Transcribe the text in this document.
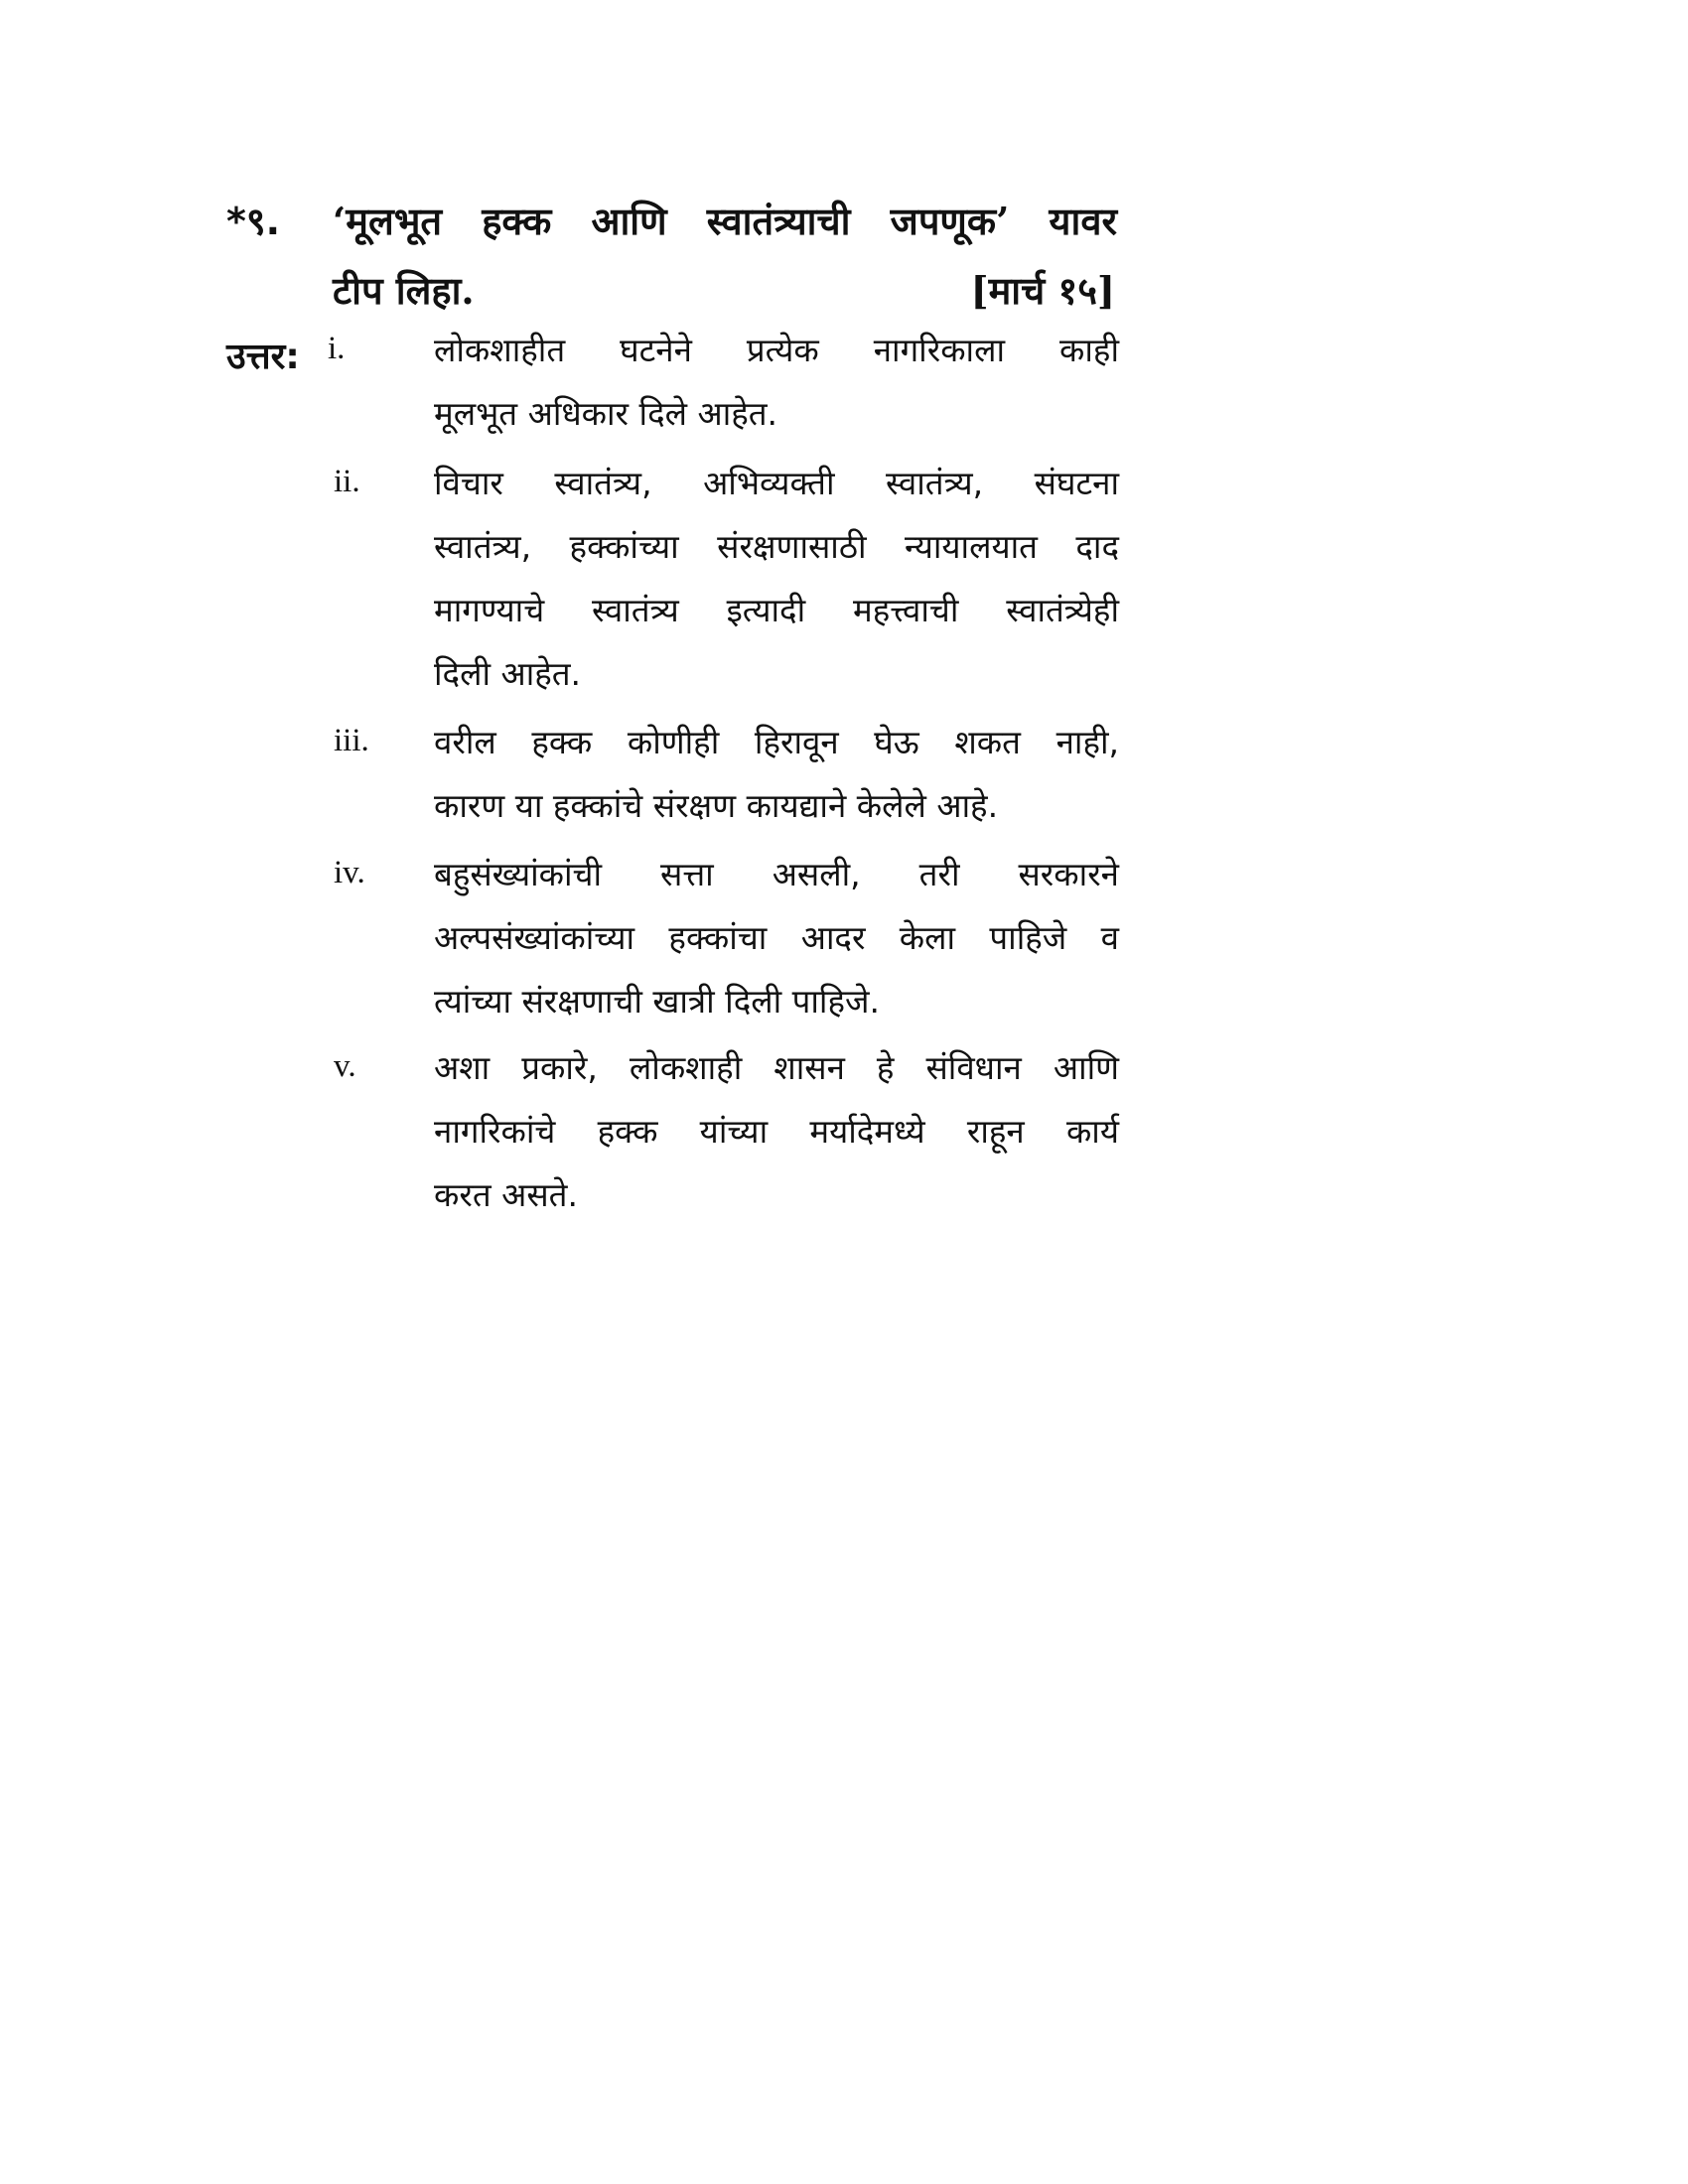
*९. ‘मूलभूत हक्क आणि स्वातंत्र्याची जपणूक’ यावर
टीप लिहा.	[मार्च १५]
उत्तर: i.	लोकशाहीत घटनेने प्रत्येक नागरिकाला काही
मूलभूत अधिकार दिले आहेत.
ii. विचार स्वातंत्र्य, अभिव्यक्ती स्वातंत्र्य, संघटना
स्वातंत्र्य, हक्कांच्या संरक्षणासाठी न्यायालयात दाद
मागण्याचे स्वातंत्र्य इत्यादी महत्त्वाची स्वातंत्र्येही
दिली आहेत.
iii. वरील हक्क कोणीही हिरावून घेऊ शकत नाही,
कारण या हक्कांचे संरक्षण कायद्याने केलेले आहे.
iv. बहुसंख्यांकांची सत्ता असली, तरी सरकारने
अल्पसंख्यांकांच्या हक्कांचा आदर केला पाहिजे व
त्यांच्या संरक्षणाची खात्री दिली पाहिजे.
v. अशा प्रकारे, लोकशाही शासन हे संविधान आणि
नागरिकांचे हक्क यांच्या मर्यादेमध्ये राहून कार्य
करत असते.
